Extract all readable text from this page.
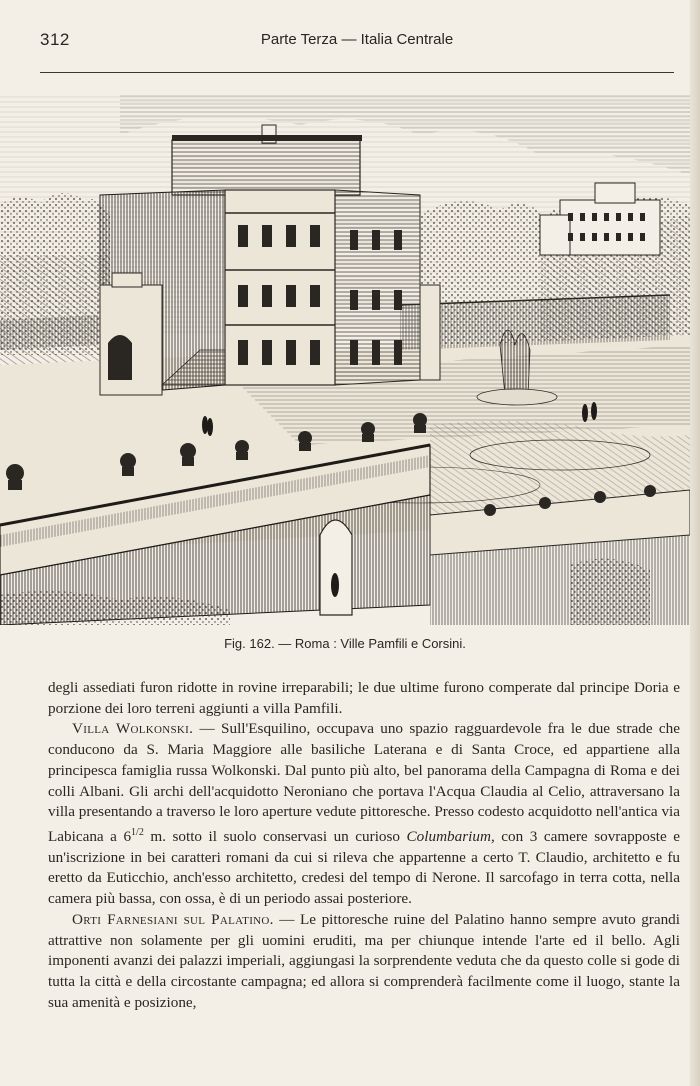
312	Parte Terza — Italia Centrale
Fig. 162. — Roma : Ville Pamfili e Corsini.

degli assediati furon ridotte in rovine irreparabili; le due ultime furono comperate dal principe Doria e porzione dei loro terreni aggiunti a villa Pamfili.

Villa Wolkonski. — Sull'Esquilino, occupava uno spazio ragguardevole fra le due strade che conducono da S. Maria Maggiore alle basiliche Laterana e di Santa Croce, ed appartiene alla principesca famiglia russa Wolkonski. Dal punto più alto, bel panorama della Campagna di Roma e dei colli Albani. Gli archi dell'acquidotto Neroniano che portava l'Acqua Claudia al Celio, attraversano la villa presentando a traverso le loro aperture vedute pittoresche. Presso codesto acquidotto nell'antica via Labicana a $6^{1/2}$ m. sotto il suolo conservasi un curioso Columbarium, con 3 camere sovrapposte e un'iscrizione in bei caratteri romani da cui si rileva che appartenne a certo T. Claudio, architetto e fu eretto da Euticchio, anch'esso architetto, credesi del tempo di Nerone. Il sarcofago in terra cotta, nella camera più bassa, con ossa, è di un periodo assai posteriore.

Orti Farnesiani sul Palatino. — Le pittoresche ruine del Palatino hanno sempre avuto grandi attrattive non solamente per gli uomini eruditi, ma per chiunque intende l'arte ed il bello. Agli imponenti avanzi dei palazzi imperiali, aggiungasi la sorprendente veduta che da questo colle si gode di tutta la città e della circostante campagna; ed allora si comprenderà facilmente come il luogo, stante la sua amenità e posizione,
